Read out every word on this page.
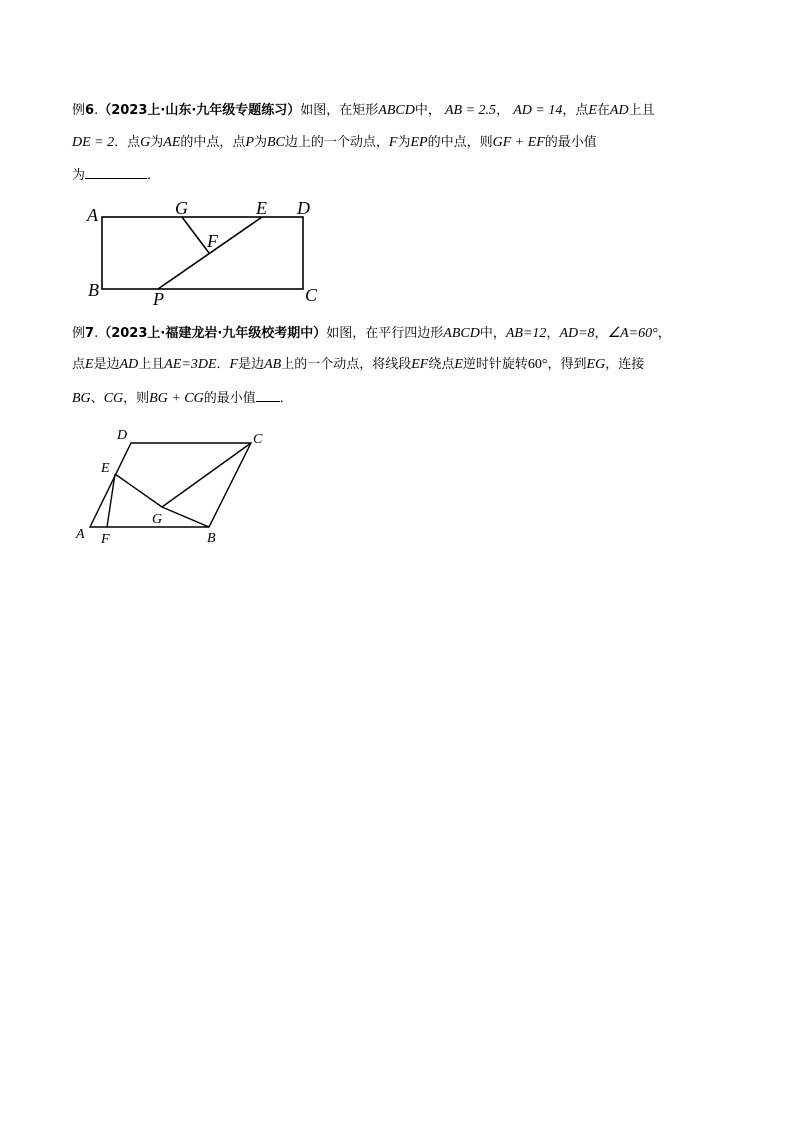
例6.（2023上·山东·九年级专题练习）如图，在矩形ABCD中， AB = 2.5， AD = 14，点E在AD上且
DE = 2．点G为AE的中点，点P为BC边上的一个动点，F为EP的中点，则GF + EF的最小值
为	．
例7.（2023上·福建龙岩·九年级校考期中）如图，在平行四边形ABCD中，AB=12，AD=8，∠A=60°，
点E是边AD上且AE=3DE．F是边AB上的一个动点，将线段EF绕点E逆时针旋转60°，得到EG，连接
BG、CG，则BG + CG的最小值 ．
A	G	E D
F
B	P	C
D	C
E
G
A F	B
